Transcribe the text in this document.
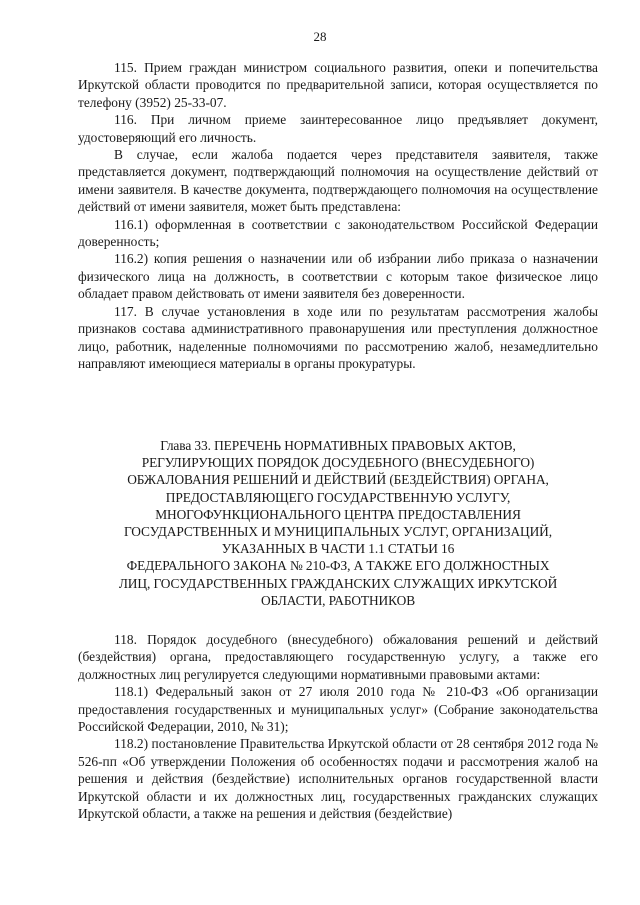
28

115. Прием граждан министром социального развития, опеки и попечительства Иркутской области проводится по предварительной записи, которая осуществляется по телефону (3952) 25-33-07.

116. При личном приеме заинтересованное лицо предъявляет документ, удостоверяющий его личность.

В случае, если жалоба подается через представителя заявителя, также представляется документ, подтверждающий полномочия на осуществление действий от имени заявителя. В качестве документа, подтверждающего полномочия на осуществление действий от имени заявителя, может быть представлена:

116.1) оформленная в соответствии с законодательством Российской Федерации доверенность;

116.2) копия решения о назначении или об избрании либо приказа о назначении физического лица на должность, в соответствии с которым такое физическое лицо обладает правом действовать от имени заявителя без доверенности.

117. В случае установления в ходе или по результатам рассмотрения жалобы признаков состава административного правонарушения или преступления должностное лицо, работник, наделенные полномочиями по рассмотрению жалоб, незамедлительно направляют имеющиеся материалы в органы прокуратуры.

Глава 33. ПЕРЕЧЕНЬ НОРМАТИВНЫХ ПРАВОВЫХ АКТОВ,
РЕГУЛИРУЮЩИХ ПОРЯДОК ДОСУДЕБНОГО (ВНЕСУДЕБНОГО)
ОБЖАЛОВАНИЯ РЕШЕНИЙ И ДЕЙСТВИЙ (БЕЗДЕЙСТВИЯ) ОРГАНА,
ПРЕДОСТАВЛЯЮЩЕГО ГОСУДАРСТВЕННУЮ УСЛУГУ,
МНОГОФУНКЦИОНАЛЬНОГО ЦЕНТРА ПРЕДОСТАВЛЕНИЯ
ГОСУДАРСТВЕННЫХ И МУНИЦИПАЛЬНЫХ УСЛУГ, ОРГАНИЗАЦИЙ,
УКАЗАННЫХ В ЧАСТИ 1.1 СТАТЬИ 16
ФЕДЕРАЛЬНОГО ЗАКОНА № 210-ФЗ, А ТАКЖЕ ЕГО ДОЛЖНОСТНЫХ
ЛИЦ, ГОСУДАРСТВЕННЫХ ГРАЖДАНСКИХ СЛУЖАЩИХ ИРКУТСКОЙ
ОБЛАСТИ, РАБОТНИКОВ

118. Порядок досудебного (внесудебного) обжалования решений и действий (бездействия) органа, предоставляющего государственную услугу, а также его должностных лиц регулируется следующими нормативными правовыми актами:

118.1) Федеральный закон от 27 июля 2010 года № 210-ФЗ «Об организации предоставления государственных и муниципальных услуг» (Собрание законодательства Российской Федерации, 2010, № 31);

118.2) постановление Правительства Иркутской области от 28 сентября 2012 года № 526-пп «Об утверждении Положения об особенностях подачи и рассмотрения жалоб на решения и действия (бездействие) исполнительных органов государственной власти Иркутской области и их должностных лиц, государственных гражданских служащих Иркутской области, а также на решения и действия (бездействие)
